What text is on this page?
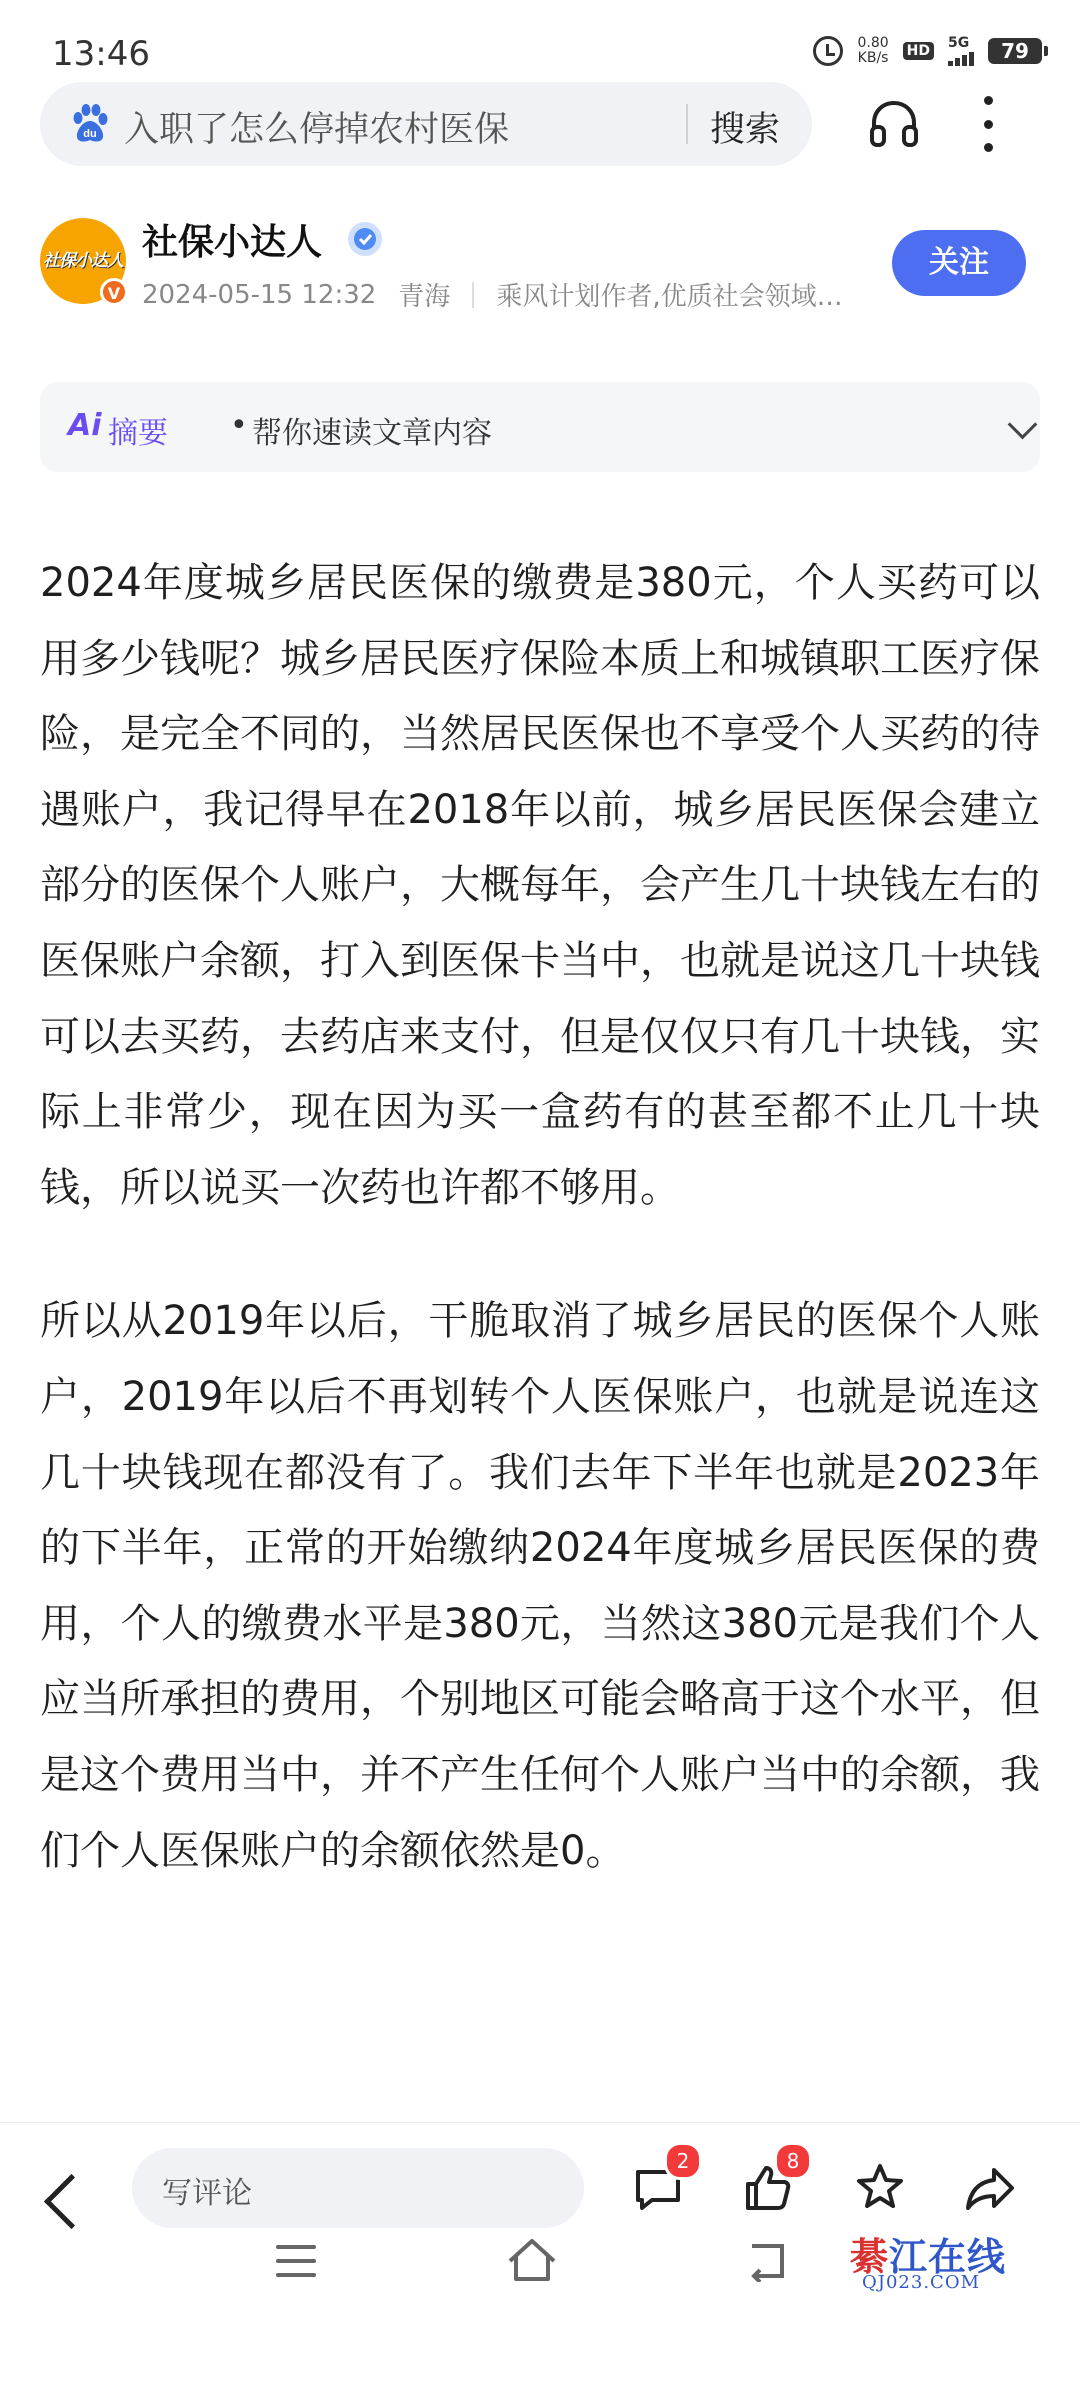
13:46	0.80
KB/s HD 5G	79
du 入职了怎么停掉农村医保	搜索
社保小达人
V
社保小达人
2024-05-15 12:32 青海 乘风计划作者,优质社会领域…
关注
Ai 摘要 • 帮你速读文章内容

2024年度城乡居民医保的缴费是380元，个人买药可以用多少钱呢？城乡居民医疗保险本质上和城镇职工医疗保险，是完全不同的，当然居民医保也不享受个人买药的待遇账户，我记得早在2018年以前，城乡居民医保会建立部分的医保个人账户，大概每年，会产生几十块钱左右的医保账户余额，打入到医保卡当中，也就是说这几十块钱可以去买药，去药店来支付，但是仅仅只有几十块钱，实际上非常少，现在因为买一盒药有的甚至都不止几十块钱，所以说买一次药也许都不够用。

所以从2019年以后，干脆取消了城乡居民的医保个人账户，2019年以后不再划转个人医保账户，也就是说连这几十块钱现在都没有了。我们去年下半年也就是2023年的下半年，正常的开始缴纳2024年度城乡居民医保的费用，个人的缴费水平是380元，当然这380元是我们个人应当所承担的费用，个别地区可能会略高于这个水平，但是这个费用当中，并不产生任何个人账户当中的余额，我们个人医保账户的余额依然是0。

写评论
2	8
綦江在线
QJ023.COM
